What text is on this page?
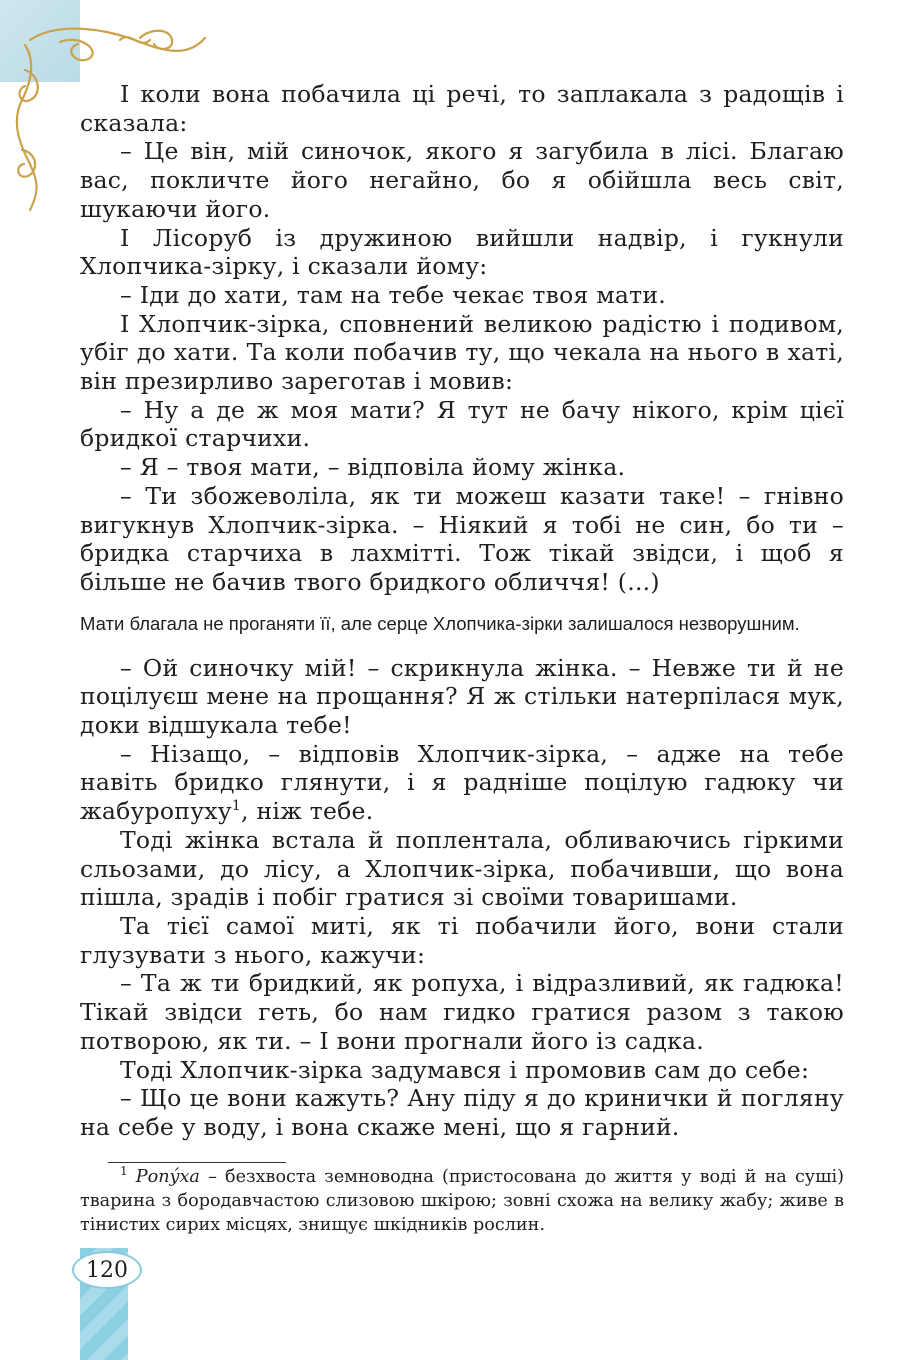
І коли вона побачила ці речі, то заплакала з радощів і сказала:

– Це він, мій синочок, якого я загубила в лісі. Благаю вас, покличте його негайно, бо я обійшла весь світ, шукаючи його.

І Лісоруб із дружиною вийшли надвір, і гукнули Хлопчика-зірку, і сказали йому:

– Іди до хати, там на тебе чекає твоя мати.

І Хлопчик-зірка, сповнений великою радістю і подивом, убіг до хати. Та коли побачив ту, що чекала на нього в хаті, він презирливо зареготав і мовив:

– Ну а де ж моя мати? Я тут не бачу нікого, крім цієї бридкої старчихи.

– Я – твоя мати, – відповіла йому жінка.

– Ти збожеволіла, як ти можеш казати таке! – гнівно вигукнув Хлопчик-зірка. – Ніякий я тобі не син, бо ти – бридка старчиха в лахмітті. Тож тікай звідси, і щоб я більше не бачив твого бридкого обличчя! (...)

Мати благала не проганяти її, але серце Хлопчика-зірки залишалося незворушним.

– Ой синочку мій! – скрикнула жінка. – Невже ти й не поцілуєш мене на прощання? Я ж стільки натерпілася мук, доки відшукала тебе!

– Нізащо, – відповів Хлопчик-зірка, – адже на тебе навіть бридко глянути, і я радніше поцілую гадюку чи жабуропуху$^1$, ніж тебе.

Тоді жінка встала й поплентала, обливаючись гіркими сльозами, до лісу, а Хлопчик-зірка, побачивши, що вона пішла, зрадів і побіг гратися зі своїми товаришами.

Та тієї самої миті, як ті побачили його, вони стали глузувати з нього, кажучи:

– Та ж ти бридкий, як ропуха, і відразливий, як гадюка! Тікай звідси геть, бо нам гидко гратися разом з такою потворою, як ти. – І вони прогнали його із садка.

Тоді Хлопчик-зірка задумався і промовив сам до себе:

– Що це вони кажуть? Ану піду я до кринички й погляну на себе у воду, і вона скаже мені, що я гарний.

$^1$ Ропýха – безхвоста земноводна (пристосована до життя у воді й на суші) тварина з бородавчастою слизовою шкірою; зовні схожа на велику жабу; живе в тінистих сирих місцях, знищує шкідників рослин.
120
